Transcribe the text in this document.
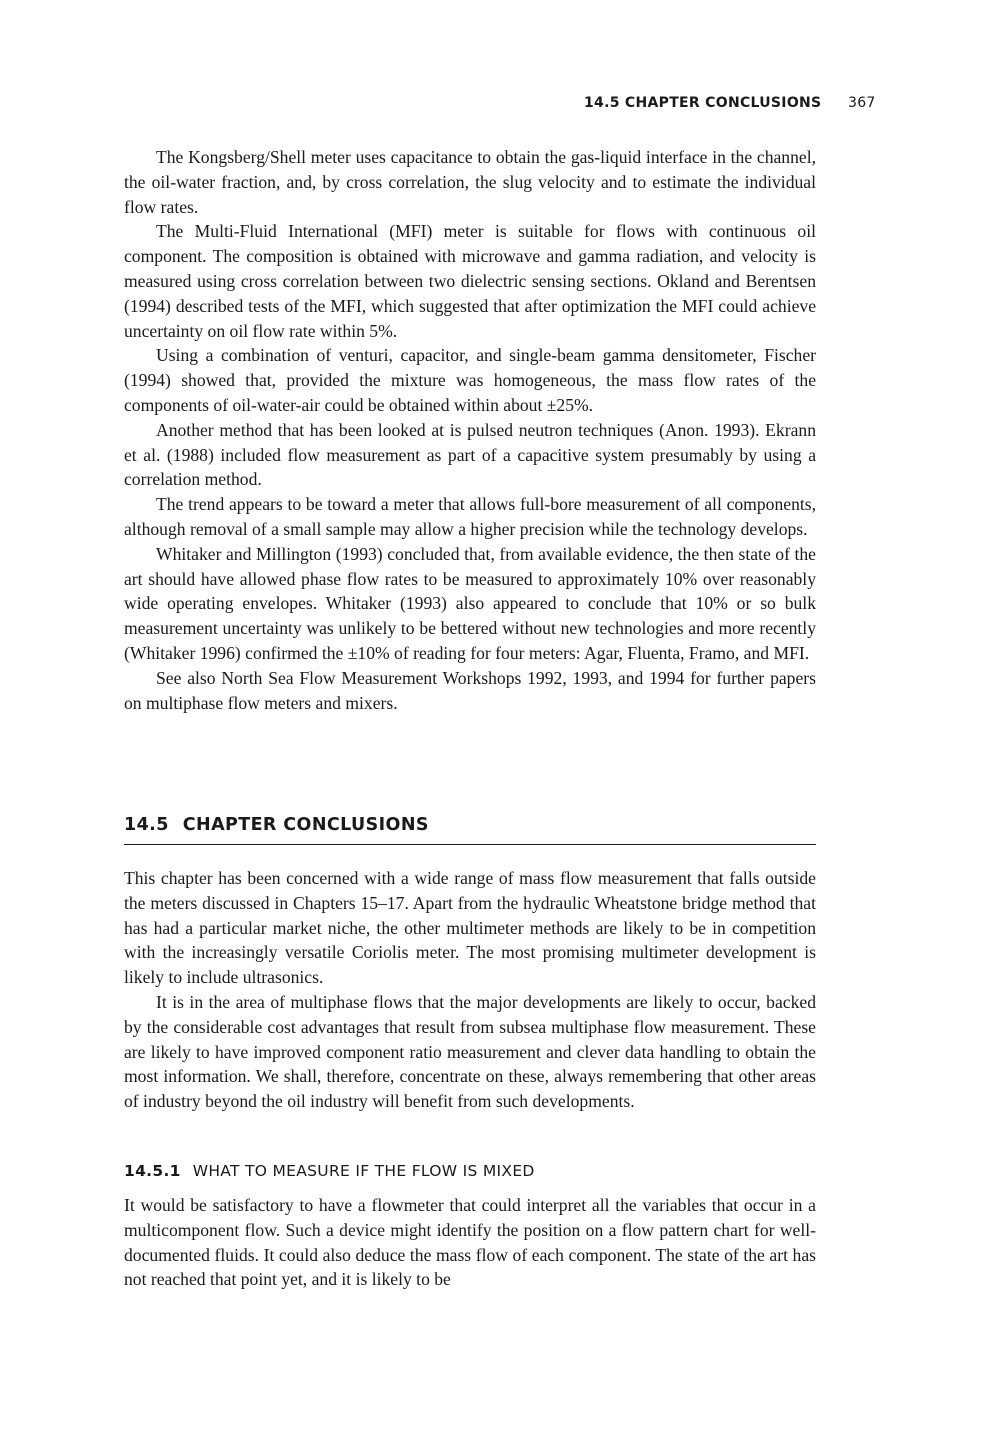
14.5 CHAPTER CONCLUSIONS 367

The Kongsberg/Shell meter uses capacitance to obtain the gas-liquid interface in the channel, the oil-water fraction, and, by cross correlation, the slug velocity and to estimate the individual flow rates.

The Multi-Fluid International (MFI) meter is suitable for flows with continuous oil component. The composition is obtained with microwave and gamma radiation, and velocity is measured using cross correlation between two dielectric sensing sections. Okland and Berentsen (1994) described tests of the MFI, which suggested that after optimization the MFI could achieve uncertainty on oil flow rate within 5%.

Using a combination of venturi, capacitor, and single-beam gamma densitometer, Fischer (1994) showed that, provided the mixture was homogeneous, the mass flow rates of the components of oil-water-air could be obtained within about ±25%.

Another method that has been looked at is pulsed neutron techniques (Anon. 1993). Ekrann et al. (1988) included flow measurement as part of a capacitive system presumably by using a correlation method.

The trend appears to be toward a meter that allows full-bore measurement of all components, although removal of a small sample may allow a higher precision while the technology develops.

Whitaker and Millington (1993) concluded that, from available evidence, the then state of the art should have allowed phase flow rates to be measured to approximately 10% over reasonably wide operating envelopes. Whitaker (1993) also appeared to conclude that 10% or so bulk measurement uncertainty was unlikely to be bettered without new technologies and more recently (Whitaker 1996) confirmed the ±10% of reading for four meters: Agar, Fluenta, Framo, and MFI.

See also North Sea Flow Measurement Workshops 1992, 1993, and 1994 for further papers on multiphase flow meters and mixers.

14.5 CHAPTER CONCLUSIONS

This chapter has been concerned with a wide range of mass flow measurement that falls outside the meters discussed in Chapters 15–17. Apart from the hydraulic Wheatstone bridge method that has had a particular market niche, the other multimeter methods are likely to be in competition with the increasingly versatile Coriolis meter. The most promising multimeter development is likely to include ultrasonics.

It is in the area of multiphase flows that the major developments are likely to occur, backed by the considerable cost advantages that result from subsea multiphase flow measurement. These are likely to have improved component ratio measurement and clever data handling to obtain the most information. We shall, therefore, concentrate on these, always remembering that other areas of industry beyond the oil industry will benefit from such developments.

14.5.1 WHAT TO MEASURE IF THE FLOW IS MIXED

It would be satisfactory to have a flowmeter that could interpret all the variables that occur in a multicomponent flow. Such a device might identify the position on a flow pattern chart for well-documented fluids. It could also deduce the mass flow of each component. The state of the art has not reached that point yet, and it is likely to be
